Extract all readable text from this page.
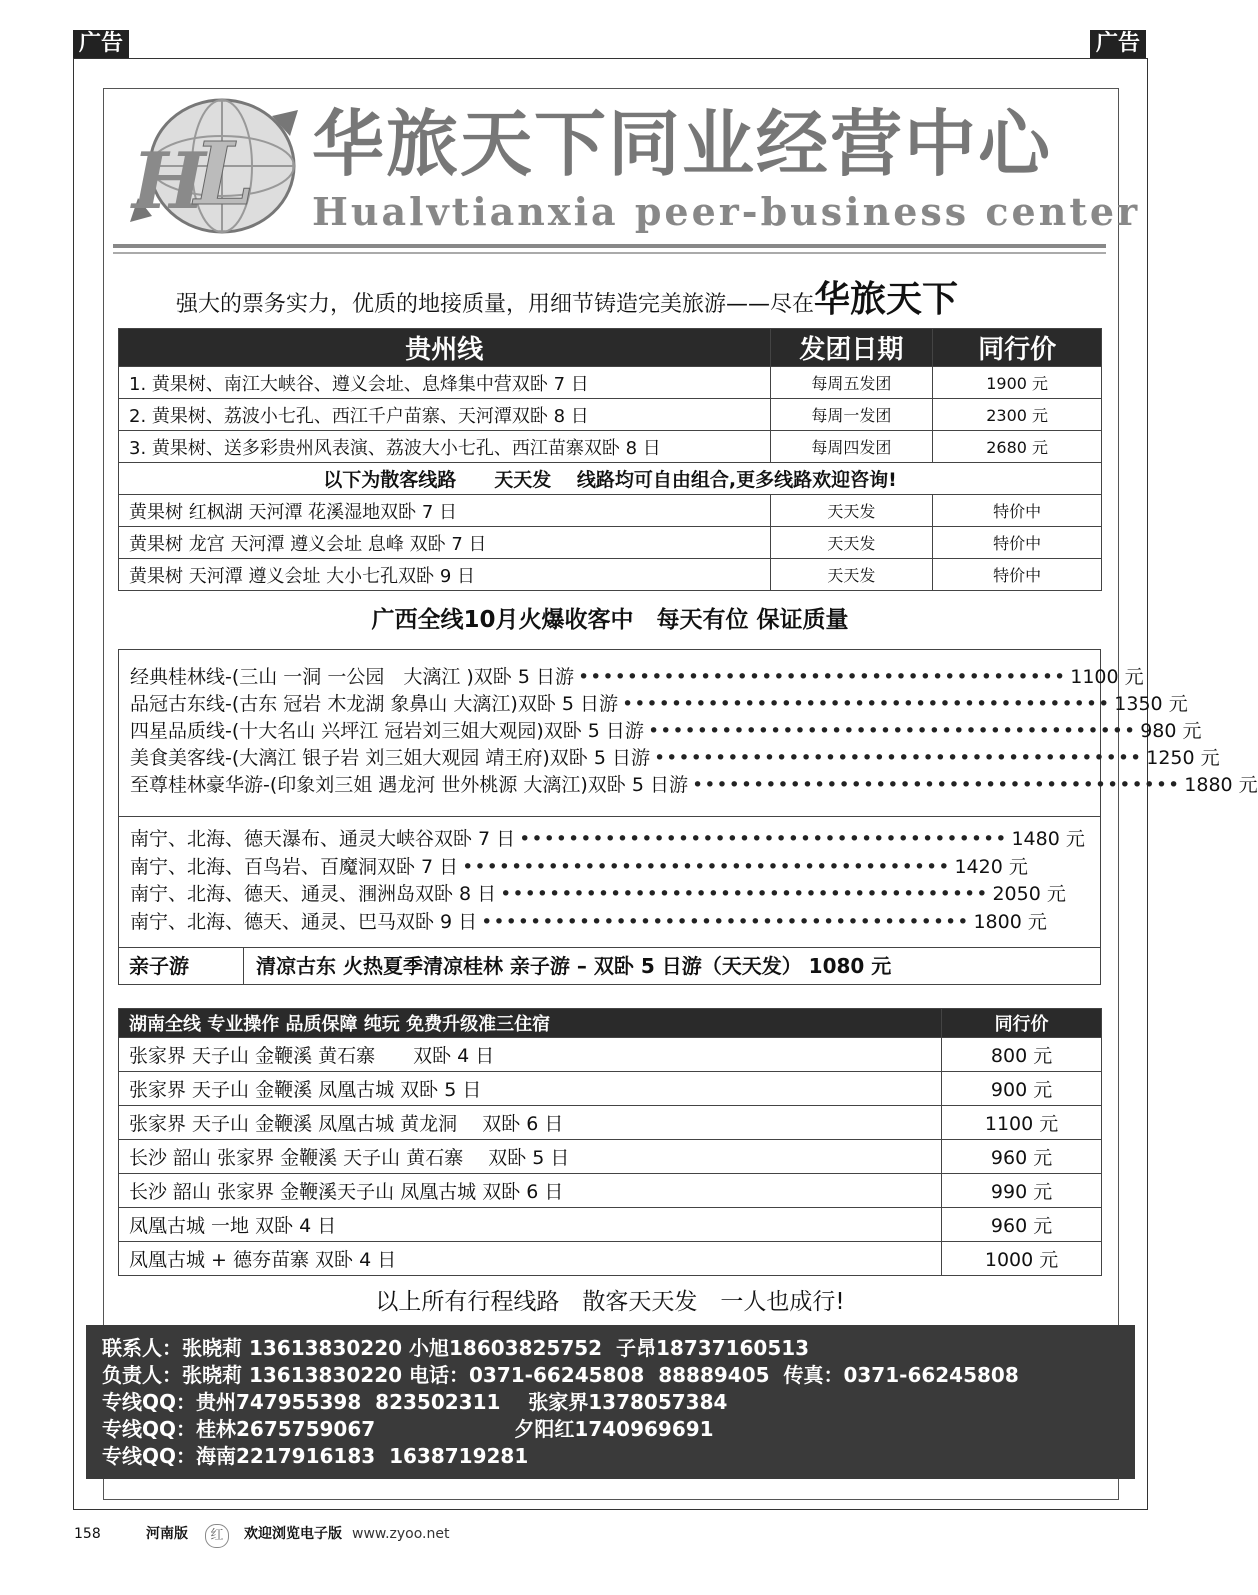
广告	广告
H
L 华旅天下同业经营中心
Hualvtianxia peer-business center
强大的票务实力，优质的地接质量，用细节铸造完美旅游——尽在华旅天下
贵州线	发团日期	同行价
1. 黄果树、南江大峡谷、遵义会址、息烽集中营双卧 7 日	每周五发团	1900 元
2. 黄果树、荔波小七孔、西江千户苗寨、天河潭双卧 8 日	每周一发团	2300 元
3. 黄果树、送多彩贵州风表演、荔波大小七孔、西江苗寨双卧 8 日	每周四发团	2680 元
以下为散客线路　　天天发　 线路均可自由组合,更多线路欢迎咨询!		
黄果树 红枫湖 天河潭 花溪湿地双卧 7 日	天天发	特价中
黄果树 龙宫 天河潭 遵义会址 息峰 双卧 7 日	天天发	特价中
黄果树 天河潭 遵义会址 大小七孔双卧 9 日	天天发	特价中
广西全线10月火爆收客中　每天有位 保证质量
经典桂林线-(三山 一洞 一公园　大漓江 )双卧 5 日游 •••••••••••••••••••••••••••••••••••••••• 1100 元
品冠古东线-(古东 冠岩 木龙湖 象鼻山 大漓江)双卧 5 日游 •••••••••••••••••••••••••••••••••••••••• 1350 元
四星品质线-(十大名山 兴坪江 冠岩刘三姐大观园)双卧 5 日游 •••••••••••••••••••••••••••••••••••••••• 980 元
美食美客线-(大漓江 银子岩 刘三姐大观园 靖王府)双卧 5 日游 •••••••••••••••••••••••••••••••••••••••• 1250 元
至尊桂林豪华游-(印象刘三姐 遇龙河 世外桃源 大漓江)双卧 5 日游 •••••••••••••••••••••••••••••••••••••••• 1880 元
南宁、北海、德天瀑布、通灵大峡谷双卧 7 日 •••••••••••••••••••••••••••••••••••••••• 1480 元
南宁、北海、百鸟岩、百魔洞双卧 7 日 •••••••••••••••••••••••••••••••••••••••• 1420 元
南宁、北海、德天、通灵、涠洲岛双卧 8 日 •••••••••••••••••••••••••••••••••••••••• 2050 元
南宁、北海、德天、通灵、巴马双卧 9 日 •••••••••••••••••••••••••••••••••••••••• 1800 元
亲子游	清凉古东 火热夏季清凉桂林 亲子游 – 双卧 5 日游（天天发） 1080 元
湖南全线 专业操作 品质保障 纯玩 免费升级准三住宿	同行价
张家界 天子山 金鞭溪 黄石寨　　双卧 4 日	800 元
张家界 天子山 金鞭溪 凤凰古城 双卧 5 日	900 元
张家界 天子山 金鞭溪 凤凰古城 黄龙洞　 双卧 6 日	1100 元
长沙 韶山 张家界 金鞭溪 天子山 黄石寨　 双卧 5 日	960 元
长沙 韶山 张家界 金鞭溪天子山 凤凰古城 双卧 6 日	990 元
凤凰古城 一地 双卧 4 日	960 元
凤凰古城 + 德夯苗寨 双卧 4 日	1000 元
以上所有行程线路　散客天天发　一人也成行!
联系人：张晓莉 13613830220 小旭18603825752  子昂18737160513
负责人：张晓莉 13613830220 电话：0371-66245808  88889405  传真：0371-66245808
专线QQ：贵州747955398  823502311    张家界1378057384
专线QQ：桂林2675759067                    夕阳红1740969691
专线QQ：海南2217916183  1638719281
158	河南版	红	欢迎浏览电子版 www.zyoo.net
